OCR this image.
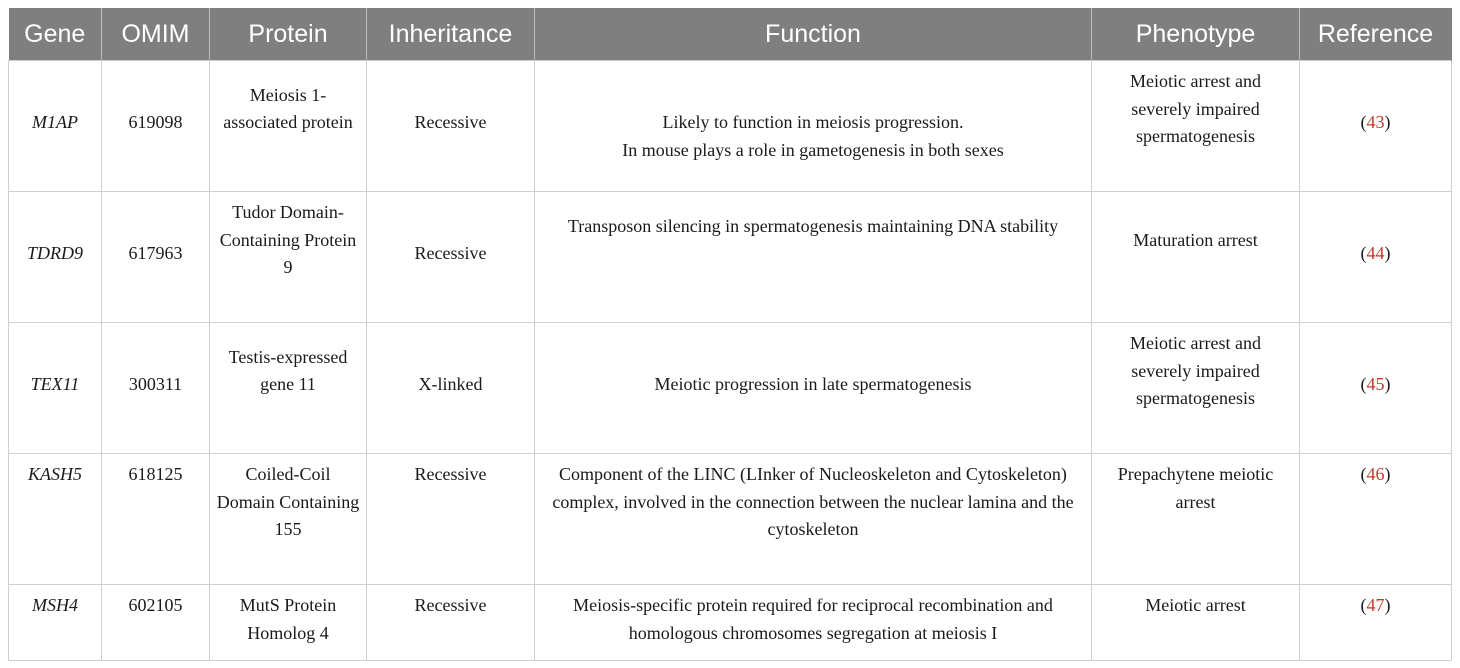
Gene	OMIM	Protein	Inheritance	Function	Phenotype	Reference

M1AP	619098	Meiosis 1-associated protein	Recessive	Likely to function in meiosis progression.
In mouse plays a role in gametogenesis in both sexes	Meiotic arrest and severely impaired spermatogenesis	(43)

TDRD9	617963	Tudor Domain-Containing Protein 9	Recessive	Transposon silencing in spermatogenesis maintaining DNA stability	Maturation arrest	(44)

TEX11	300311	Testis-expressed gene 11	X-linked	Meiotic progression in late spermatogenesis	Meiotic arrest and severely impaired spermatogenesis	(45)

KASH5	618125	Coiled-Coil Domain Containing 155	Recessive	Component of the LINC (LInker of Nucleoskeleton and Cytoskeleton) complex, involved in the connection between the nuclear lamina and the cytoskeleton	Prepachytene meiotic arrest	(46)

MSH4	602105	MutS Protein Homolog 4	Recessive	Meiosis-specific protein required for reciprocal recombination and homologous chromosomes segregation at meiosis I	Meiotic arrest	(47)
